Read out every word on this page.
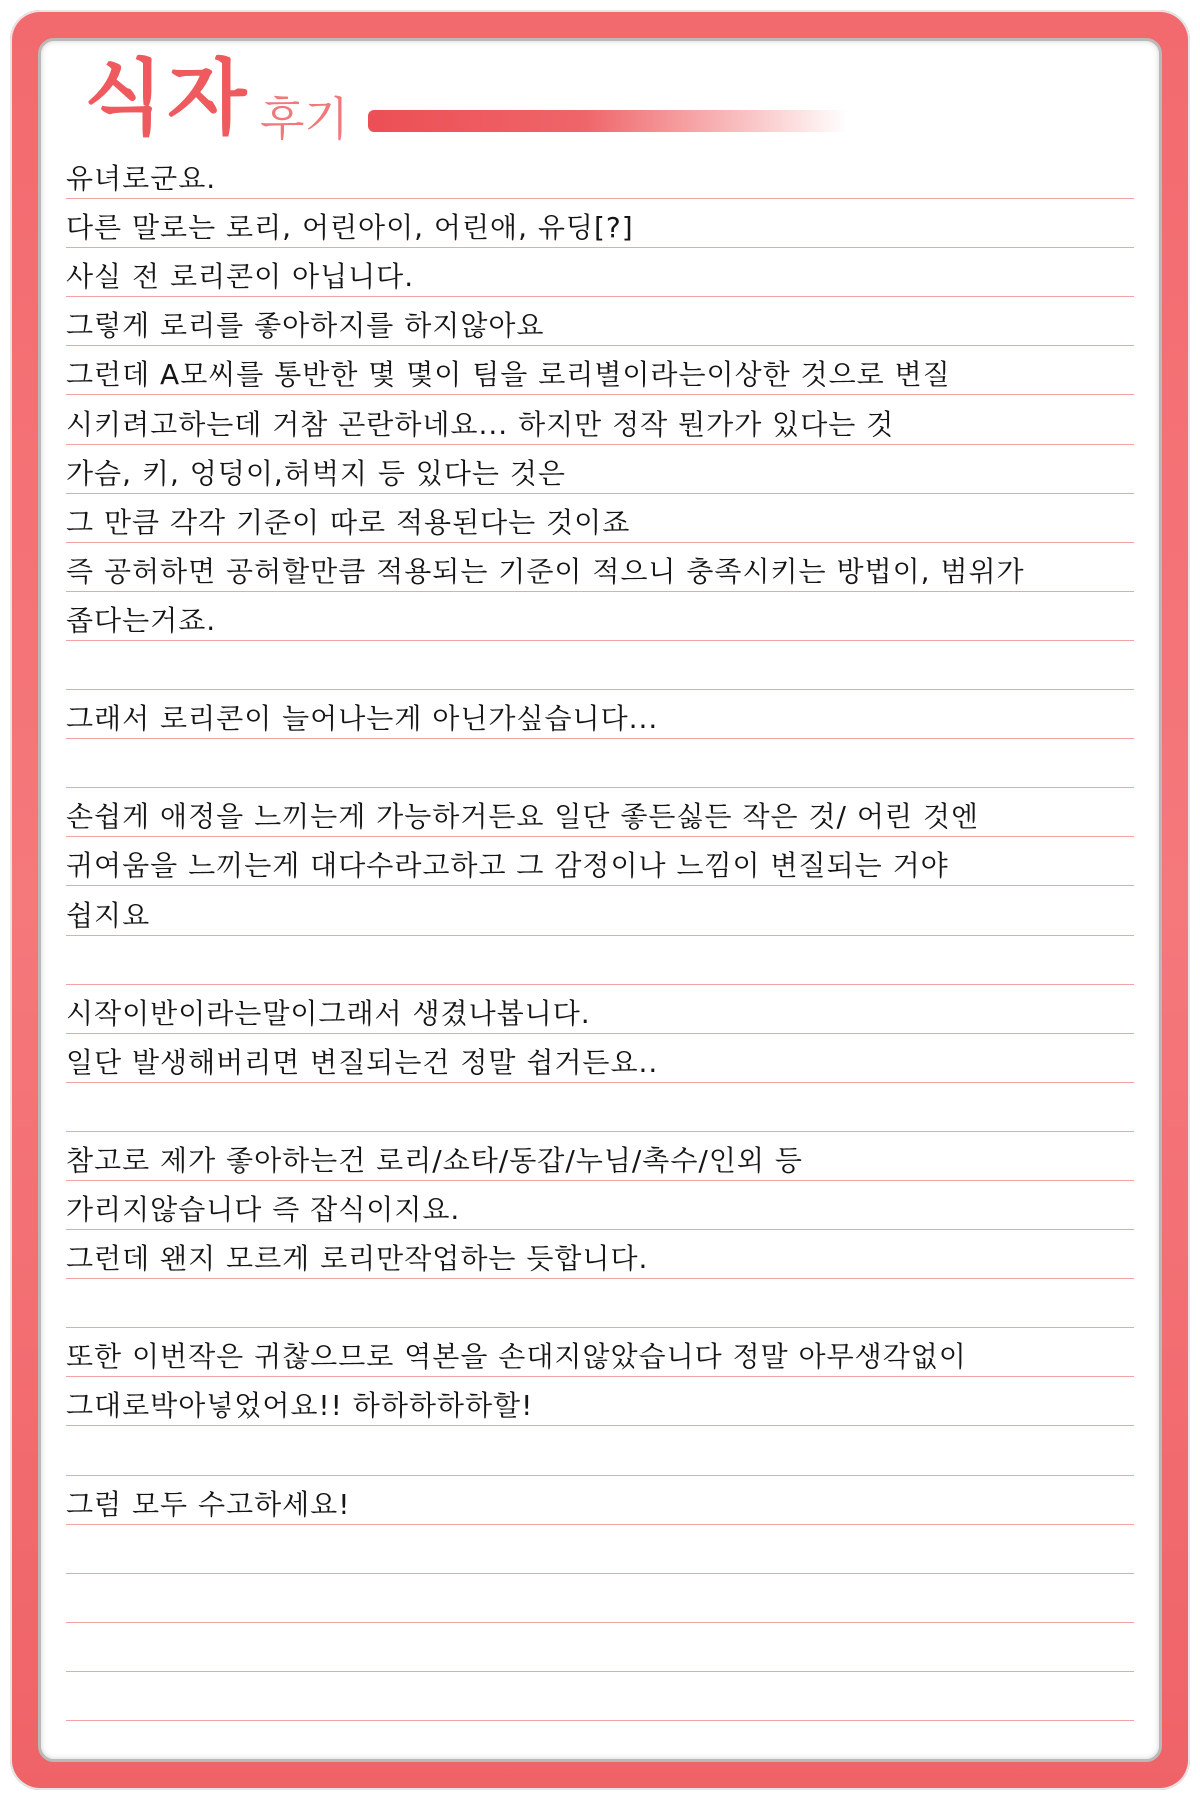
식자 후기
유녀로군요.
다른 말로는 로리, 어린아이, 어린애, 유딩[?]
사실 전 로리콘이 아닙니다.
그렇게 로리를 좋아하지를 하지않아요
그런데 A모씨를 통반한 몇 몇이 팀을 로리별이라는이상한 것으로 변질
시키려고하는데 거참 곤란하네요... 하지만 정작 뭔가가 있다는 것
가슴, 키, 엉덩이,허벅지 등 있다는 것은
그 만큼 각각 기준이 따로 적용된다는 것이죠
즉 공허하면 공허할만큼 적용되는 기준이 적으니 충족시키는 방법이, 범위가
좁다는거죠.
그래서 로리콘이 늘어나는게 아닌가싶습니다...
손쉽게 애정을 느끼는게 가능하거든요 일단 좋든싫든 작은 것/ 어린 것엔
귀여움을 느끼는게 대다수라고하고 그 감정이나 느낌이 변질되는 거야
쉽지요
시작이반이라는말이그래서 생겼나봅니다.
일단 발생해버리면 변질되는건 정말 쉽거든요..
참고로 제가 좋아하는건 로리/쇼타/동갑/누님/촉수/인외 등
가리지않습니다 즉 잡식이지요.
그런데 왠지 모르게 로리만작업하는 듯합니다.
또한 이번작은 귀찮으므로 역본을 손대지않았습니다 정말 아무생각없이
그대로박아넣었어요!! 하하하하하할!
그럼 모두 수고하세요!
